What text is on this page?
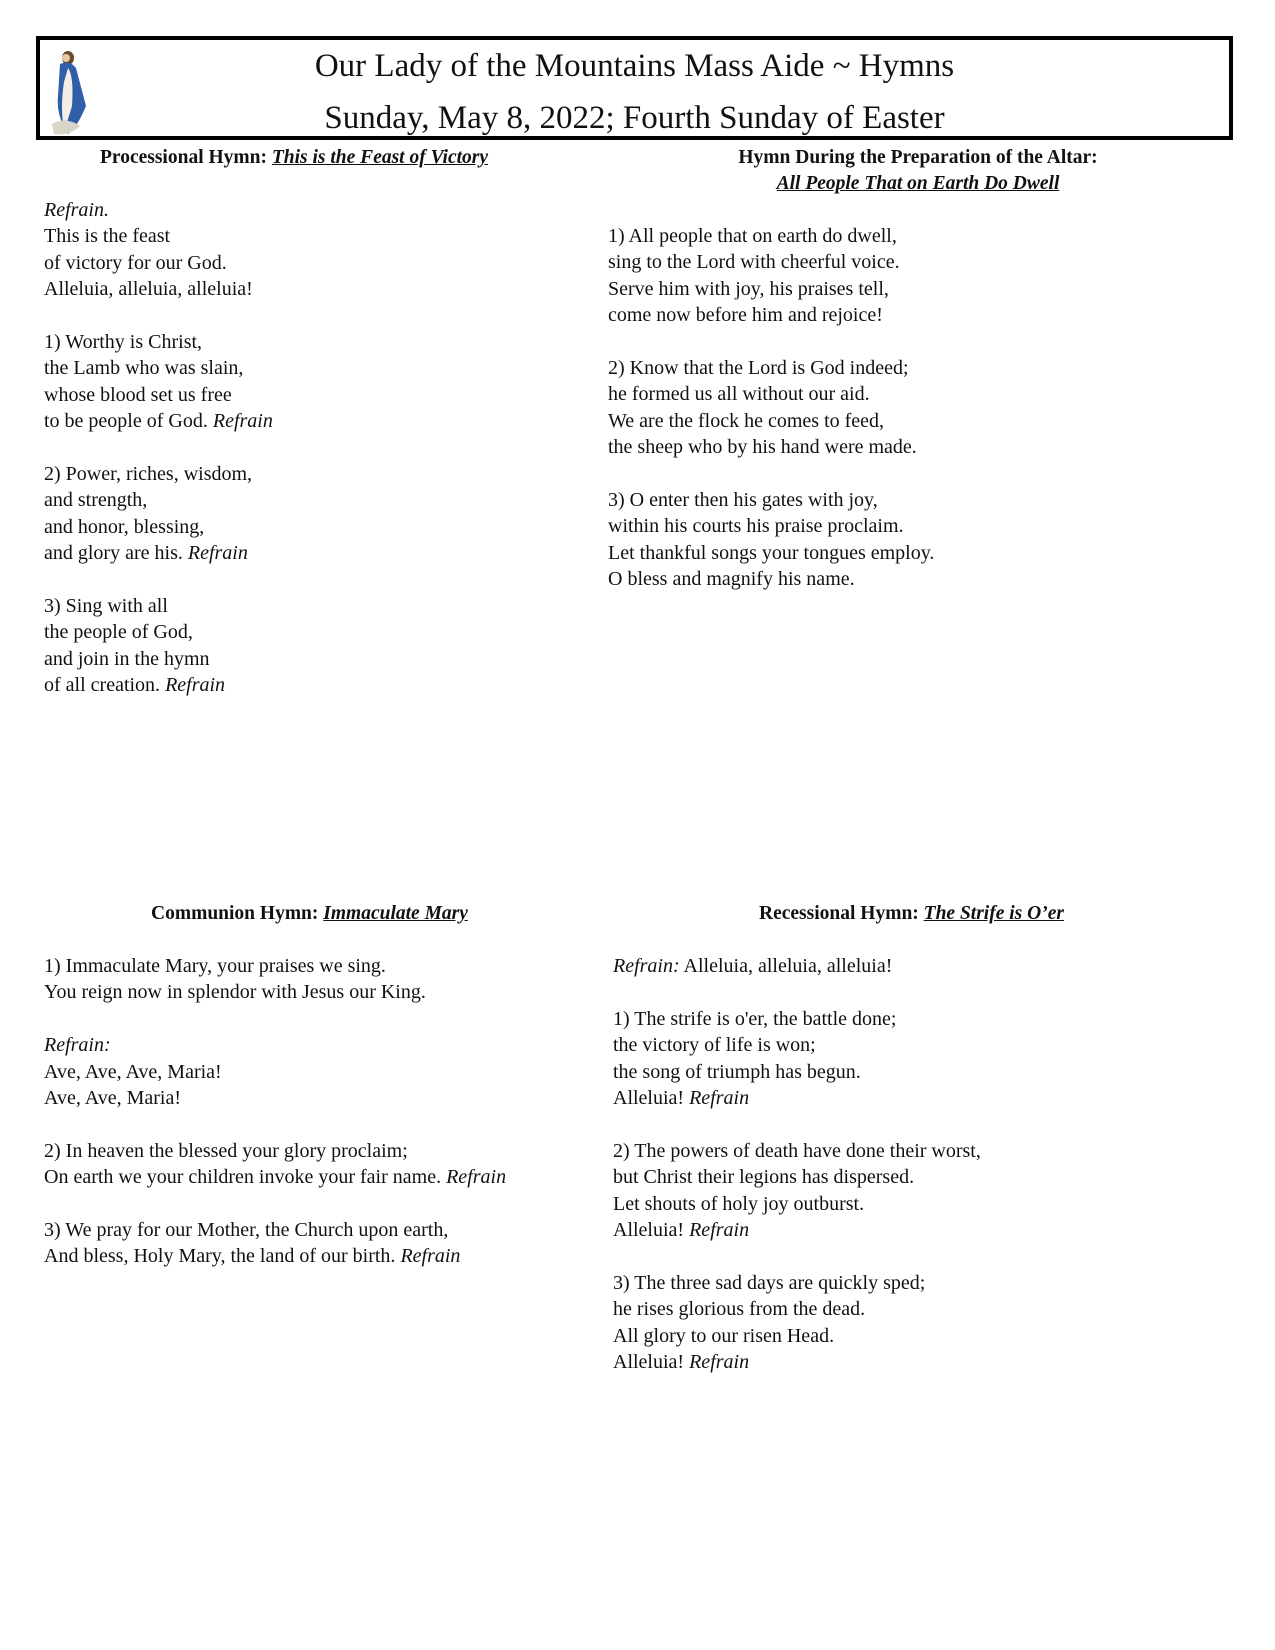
Our Lady of the Mountains Mass Aide ~ Hymns
Sunday, May 8, 2022; Fourth Sunday of Easter
Processional Hymn: This is the Feast of Victory
Refrain.
This is the feast
of victory for our God.
Alleluia, alleluia, alleluia!
1) Worthy is Christ,
the Lamb who was slain,
whose blood set us free
to be people of God. Refrain
2) Power, riches, wisdom,
and strength,
and honor, blessing,
and glory are his. Refrain
3) Sing with all
the people of God,
and join in the hymn
of all creation. Refrain
Hymn During the Preparation of the Altar:
All People That on Earth Do Dwell
1) All people that on earth do dwell,
sing to the Lord with cheerful voice.
Serve him with joy, his praises tell,
come now before him and rejoice!
2) Know that the Lord is God indeed;
he formed us all without our aid.
We are the flock he comes to feed,
the sheep who by his hand were made.
3) O enter then his gates with joy,
within his courts his praise proclaim.
Let thankful songs your tongues employ.
O bless and magnify his name.
Communion Hymn: Immaculate Mary
1) Immaculate Mary, your praises we sing.
You reign now in splendor with Jesus our King.
Refrain:
Ave, Ave, Ave, Maria!
Ave, Ave, Maria!
2) In heaven the blessed your glory proclaim;
On earth we your children invoke your fair name. Refrain
3) We pray for our Mother, the Church upon earth,
And bless, Holy Mary, the land of our birth. Refrain
Recessional Hymn: The Strife is O’er
Refrain: Alleluia, alleluia, alleluia!
1) The strife is o'er, the battle done;
the victory of life is won;
the song of triumph has begun.
Alleluia! Refrain
2) The powers of death have done their worst,
but Christ their legions has dispersed.
Let shouts of holy joy outburst.
Alleluia! Refrain
3) The three sad days are quickly sped;
he rises glorious from the dead.
All glory to our risen Head.
Alleluia! Refrain
